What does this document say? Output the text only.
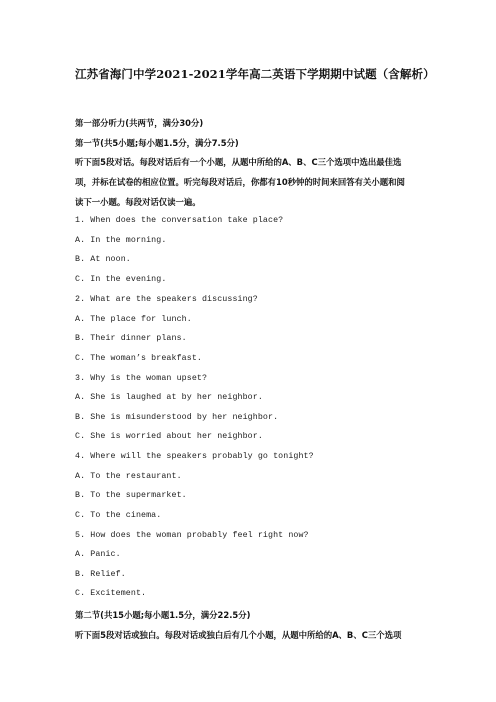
江苏省海门中学2021-2021学年高二英语下学期期中试题（含解析）
第一部分听力(共两节，满分30分)
第一节(共5小题;每小题1.5分，满分7.5分)
听下面5段对话。每段对话后有一个小题，从题中所给的A、B、C三个选项中选出最佳选
项，并标在试卷的相应位置。听完每段对话后，你都有10秒钟的时间来回答有关小题和阅
读下一小题。每段对话仅读一遍。
1. When does the conversation take place?
A. In the morning.
B. At noon.
C. In the evening.
2. What are the speakers discussing?
A. The place for lunch.
B. Their dinner plans.
C. The woman’s breakfast.
3. Why is the woman upset?
A. She is laughed at by her neighbor.
B. She is misunderstood by her neighbor.
C. She is worried about her neighbor.
4. Where will the speakers probably go tonight?
A. To the restaurant.
B. To the supermarket.
C. To the cinema.
5. How does the woman probably feel right now?
A. Panic.
B. Relief.
C. Excitement.
第二节(共15小题;每小题1.5分，满分22.5分)
听下面5段对话或独白。每段对话或独白后有几个小题，从题中所给的A、B、C三个选项
